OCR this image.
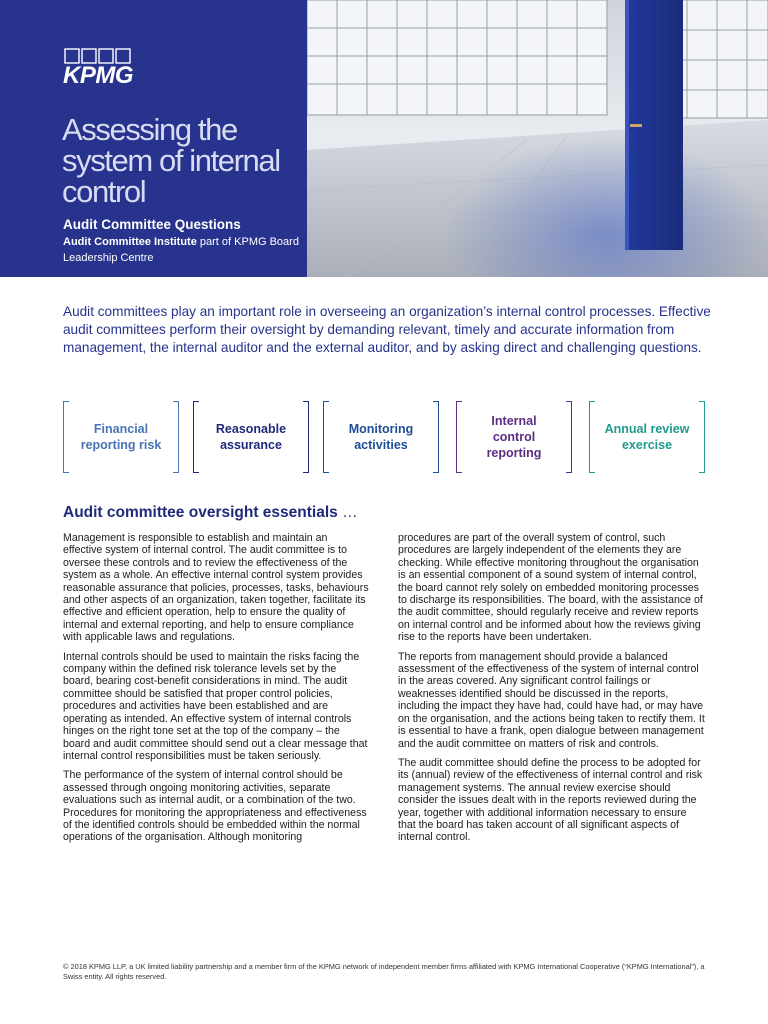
KPMG
Assessing the system of internal control
Audit Committee Questions
Audit Committee Institute part of KPMG Board Leadership Centre

Audit committees play an important role in overseeing an organization’s internal control processes. Effective audit committees perform their oversight by demanding relevant, timely and accurate information from management, the internal auditor and the external auditor, and by asking direct and challenging questions.

Financial reporting risk
Reasonable assurance
Monitoring activities
Internal control reporting
Annual review exercise
Audit committee oversight essentials …

Management is responsible to establish and maintain an effective system of internal control. The audit committee is to oversee these controls and to review the effectiveness of the system as a whole. An effective internal control system provides reasonable assurance that policies, processes, tasks, behaviours and other aspects of an organization, taken together, facilitate its effective and efficient operation, help to ensure the quality of internal and external reporting, and help to ensure compliance with applicable laws and regulations.

Internal controls should be used to maintain the risks facing the company within the defined risk tolerance levels set by the board, bearing cost-benefit considerations in mind. The audit committee should be satisfied that proper control policies, procedures and activities have been established and are operating as intended. An effective system of internal controls hinges on the right tone set at the top of the company – the board and audit committee should send out a clear message that internal control responsibilities must be taken seriously.

The performance of the system of internal control should be assessed through ongoing monitoring activities, separate evaluations such as internal audit, or a combination of the two. Procedures for monitoring the appropriateness and effectiveness of the identified controls should be embedded within the normal operations of the organisation. Although monitoring

procedures are part of the overall system of control, such procedures are largely independent of the elements they are checking. While effective monitoring throughout the organisation is an essential component of a sound system of internal control, the board cannot rely solely on embedded monitoring processes to discharge its responsibilities. The board, with the assistance of the audit committee, should regularly receive and review reports on internal control and be informed about how the reviews giving rise to the reports have been undertaken.

The reports from management should provide a balanced assessment of the effectiveness of the system of internal control in the areas covered. Any significant control failings or weaknesses identified should be discussed in the reports, including the impact they have had, could have had, or may have on the organisation, and the actions being taken to rectify them. It is essential to have a frank, open dialogue between management and the audit committee on matters of risk and controls.

The audit committee should define the process to be adopted for its (annual) review of the effectiveness of internal control and risk management systems. The annual review exercise should consider the issues dealt with in the reports reviewed during the year, together with additional information necessary to ensure that the board has taken account of all significant aspects of internal control.

© 2018 KPMG LLP, a UK limited liability partnership and a member firm of the KPMG network of independent member firms affiliated with KPMG International Cooperative (“KPMG International”), a Swiss entity. All rights reserved.
